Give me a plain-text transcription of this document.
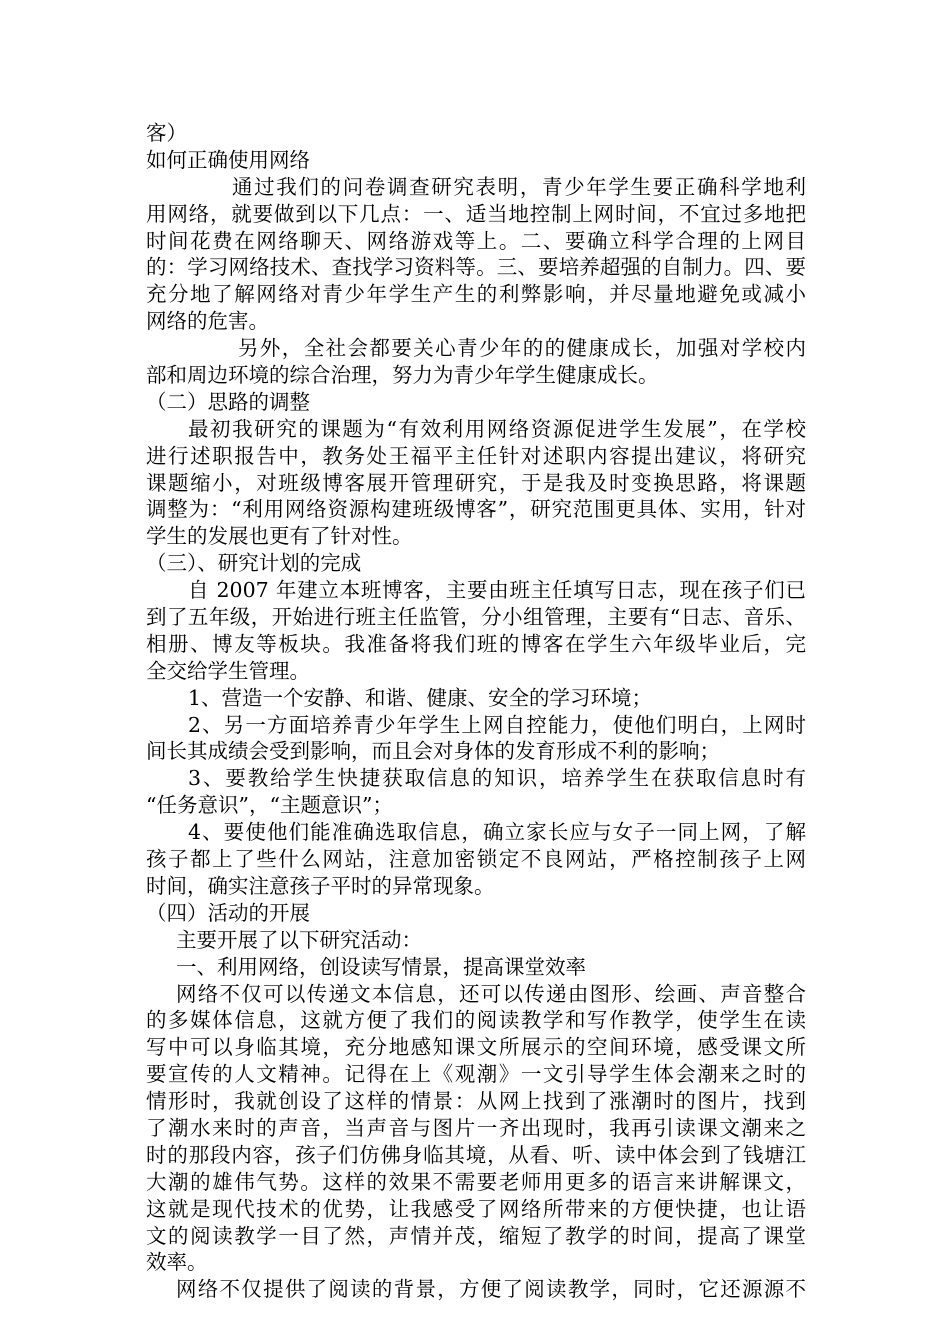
客）
如何正确使用网络
通过我们的问卷调查研究表明，青少年学生要正确科学地利
用网络，就要做到以下几点：一、适当地控制上网时间，不宜过多地把
时间花费在网络聊天、网络游戏等上。二、要确立科学合理的上网目
的：学习网络技术、查找学习资料等。三、要培养超强的自制力。四、要
充分地了解网络对青少年学生产生的利弊影响，并尽量地避免或减小
网络的危害。
另外，全社会都要关心青少年的的健康成长，加强对学校内
部和周边环境的综合治理，努力为青少年学生健康成长。
（二）思路的调整
最初我研究的课题为“有效利用网络资源促进学生发展”，在学校
进行述职报告中，教务处王福平主任针对述职内容提出建议，将研究
课题缩小，对班级博客展开管理研究，于是我及时变换思路，将课题
调整为：“利用网络资源构建班级博客”，研究范围更具体、实用，针对
学生的发展也更有了针对性。
（三）、研究计划的完成
自 2007 年建立本班博客，主要由班主任填写日志，现在孩子们已
到了五年级，开始进行班主任监管，分小组管理，主要有“日志、音乐、
相册、博友等板块。我准备将我们班的博客在学生六年级毕业后，完
全交给学生管理。
1、营造一个安静、和谐、健康、安全的学习环境；
2、另一方面培养青少年学生上网自控能力，使他们明白，上网时
间长其成绩会受到影响，而且会对身体的发育形成不利的影响；
3、要教给学生快捷获取信息的知识，培养学生在获取信息时有
“任务意识”，“主题意识”；
4、要使他们能准确选取信息，确立家长应与女子一同上网，了解
孩子都上了些什么网站，注意加密锁定不良网站，严格控制孩子上网
时间，确实注意孩子平时的异常现象。
（四）活动的开展
主要开展了以下研究活动：
一、利用网络，创设读写情景，提高课堂效率
网络不仅可以传递文本信息，还可以传递由图形、绘画、声音整合
的多媒体信息，这就方便了我们的阅读教学和写作教学，使学生在读
写中可以身临其境，充分地感知课文所展示的空间环境，感受课文所
要宣传的人文精神。记得在上《观潮》一文引导学生体会潮来之时的
情形时，我就创设了这样的情景：从网上找到了涨潮时的图片，找到
了潮水来时的声音，当声音与图片一齐出现时，我再引读课文潮来之
时的那段内容，孩子们仿佛身临其境，从看、听、读中体会到了钱塘江
大潮的雄伟气势。这样的效果不需要老师用更多的语言来讲解课文，
这就是现代技术的优势，让我感受了网络所带来的方便快捷，也让语
文的阅读教学一目了然，声情并茂，缩短了教学的时间，提高了课堂
效率。
网络不仅提供了阅读的背景，方便了阅读教学，同时，它还源源不
